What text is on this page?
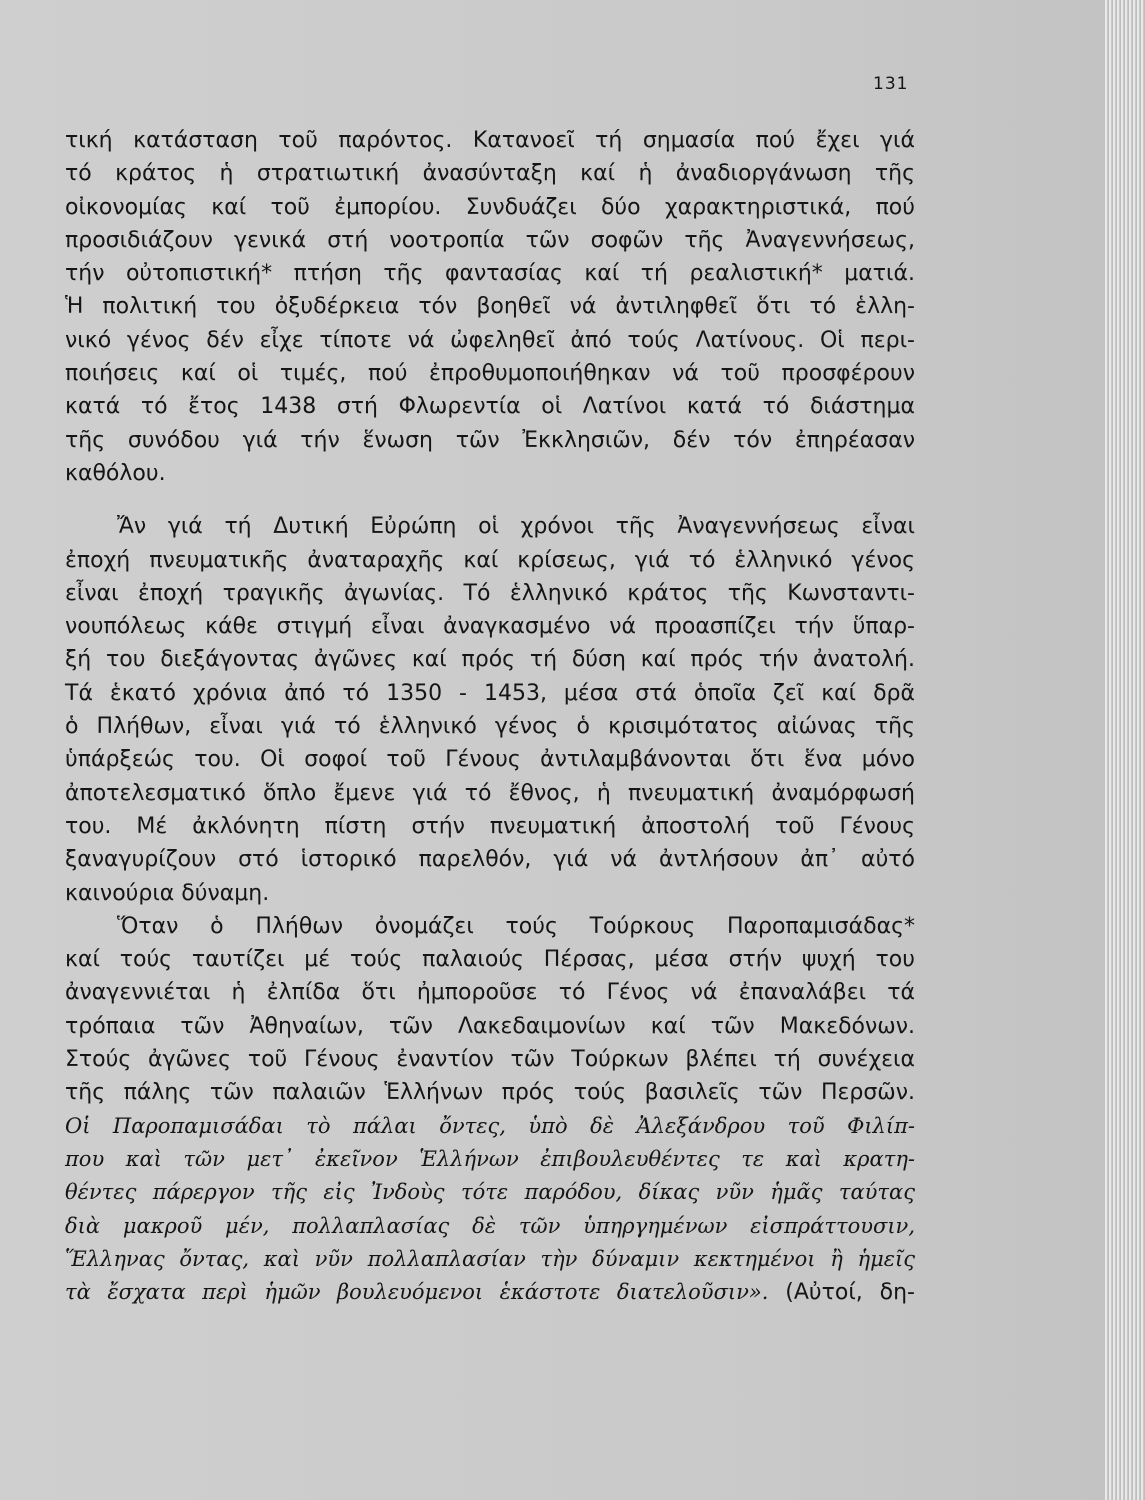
131
τική κατάσταση τοῦ παρόντος. Κατανοεῖ τή σημασία πού ἔχει γιά
τό κράτος ἡ στρατιωτική ἀνασύνταξη καί ἡ ἀναδιοργάνωση τῆς
οἰκονομίας καί τοῦ ἐμπορίου. Συνδυάζει δύο χαρακτηριστικά, πού
προσιδιάζουν γενικά στή νοοτροπία τῶν σοφῶν τῆς Ἀναγεννήσεως,
τήν οὐτοπιστική* πτήση τῆς φαντασίας καί τή ρεαλιστική* ματιά.
Ἡ πολιτική του ὀξυδέρκεια τόν βοηθεῖ νά ἀντιληφθεῖ ὅτι τό ἑλλη-
νικό γένος δέν εἶχε τίποτε νά ὠφεληθεῖ ἀπό τούς Λατίνους. Οἱ περι-
ποιήσεις καί οἱ τιμές, πού ἐπροθυμοποιήθηκαν νά τοῦ προσφέρουν
κατά τό ἔτος 1438 στή Φλωρεντία οἱ Λατίνοι κατά τό διάστημα
τῆς συνόδου γιά τήν ἕνωση τῶν Ἐκκλησιῶν, δέν τόν ἐπηρέασαν
καθόλου.
Ἄν γιά τή Δυτική Εὐρώπη οἱ χρόνοι τῆς Ἀναγεννήσεως εἶναι
ἐποχή πνευματικῆς ἀναταραχῆς καί κρίσεως, γιά τό ἑλληνικό γένος
εἶναι ἐποχή τραγικῆς ἀγωνίας. Τό ἑλληνικό κράτος τῆς Κωνσταντι-
νουπόλεως κάθε στιγμή εἶναι ἀναγκασμένο νά προασπίζει τήν ὕπαρ-
ξή του διεξάγοντας ἀγῶνες καί πρός τή δύση καί πρός τήν ἀνατολή.
Τά ἑκατό χρόνια ἀπό τό 1350 - 1453, μέσα στά ὁποῖα ζεῖ καί δρᾶ
ὁ Πλήθων, εἶναι γιά τό ἑλληνικό γένος ὁ κρισιμότατος αἰώνας τῆς
ὑπάρξεώς του. Οἱ σοφοί τοῦ Γένους ἀντιλαμβάνονται ὅτι ἕνα μόνο
ἀποτελεσματικό ὅπλο ἔμενε γιά τό ἔθνος, ἡ πνευματική ἀναμόρφωσή
του. Μέ ἀκλόνητη πίστη στήν πνευματική ἀποστολή τοῦ Γένους
ξαναγυρίζουν στό ἱστορικό παρελθόν, γιά νά ἀντλήσουν ἀπ᾽ αὐτό
καινούρια δύναμη.
Ὅταν ὁ Πλήθων ὀνομάζει τούς Τούρκους Παροπαμισάδας*
καί τούς ταυτίζει μέ τούς παλαιούς Πέρσας, μέσα στήν ψυχή του
ἀναγεννιέται ἡ ἐλπίδα ὅτι ἠμποροῦσε τό Γένος νά ἐπαναλάβει τά
τρόπαια τῶν Ἀθηναίων, τῶν Λακεδαιμονίων καί τῶν Μακεδόνων.
Στούς ἀγῶνες τοῦ Γένους ἐναντίον τῶν Τούρκων βλέπει τή συνέχεια
τῆς πάλης τῶν παλαιῶν Ἑλλήνων πρός τούς βασιλεῖς τῶν Περσῶν.
Οἱ Παροπαμισάδαι τὸ πάλαι ὄντες, ὑπὸ δὲ Ἀλεξάνδρου τοῦ Φιλίπ-
που καὶ τῶν μετ᾽ ἐκεῖνον Ἑλλήνων ἐπιβουλευθέντες τε καὶ κρατη-
θέντες πάρεργον τῆς εἰς Ἰνδοὺς τότε παρόδου, δίκας νῦν ἡμᾶς ταύτας
διὰ μακροῦ μέν, πολλαπλασίας δὲ τῶν ὑπηργημένων εἰσπράττουσιν,
Ἕλληνας ὄντας, καὶ νῦν πολλαπλασίαν τὴν δύναμιν κεκτημένοι ἢ ἡμεῖς
τὰ ἔσχατα περὶ ἡμῶν βουλευόμενοι ἑκάστοτε διατελοῦσιν». (Αὐτοί, δη-
